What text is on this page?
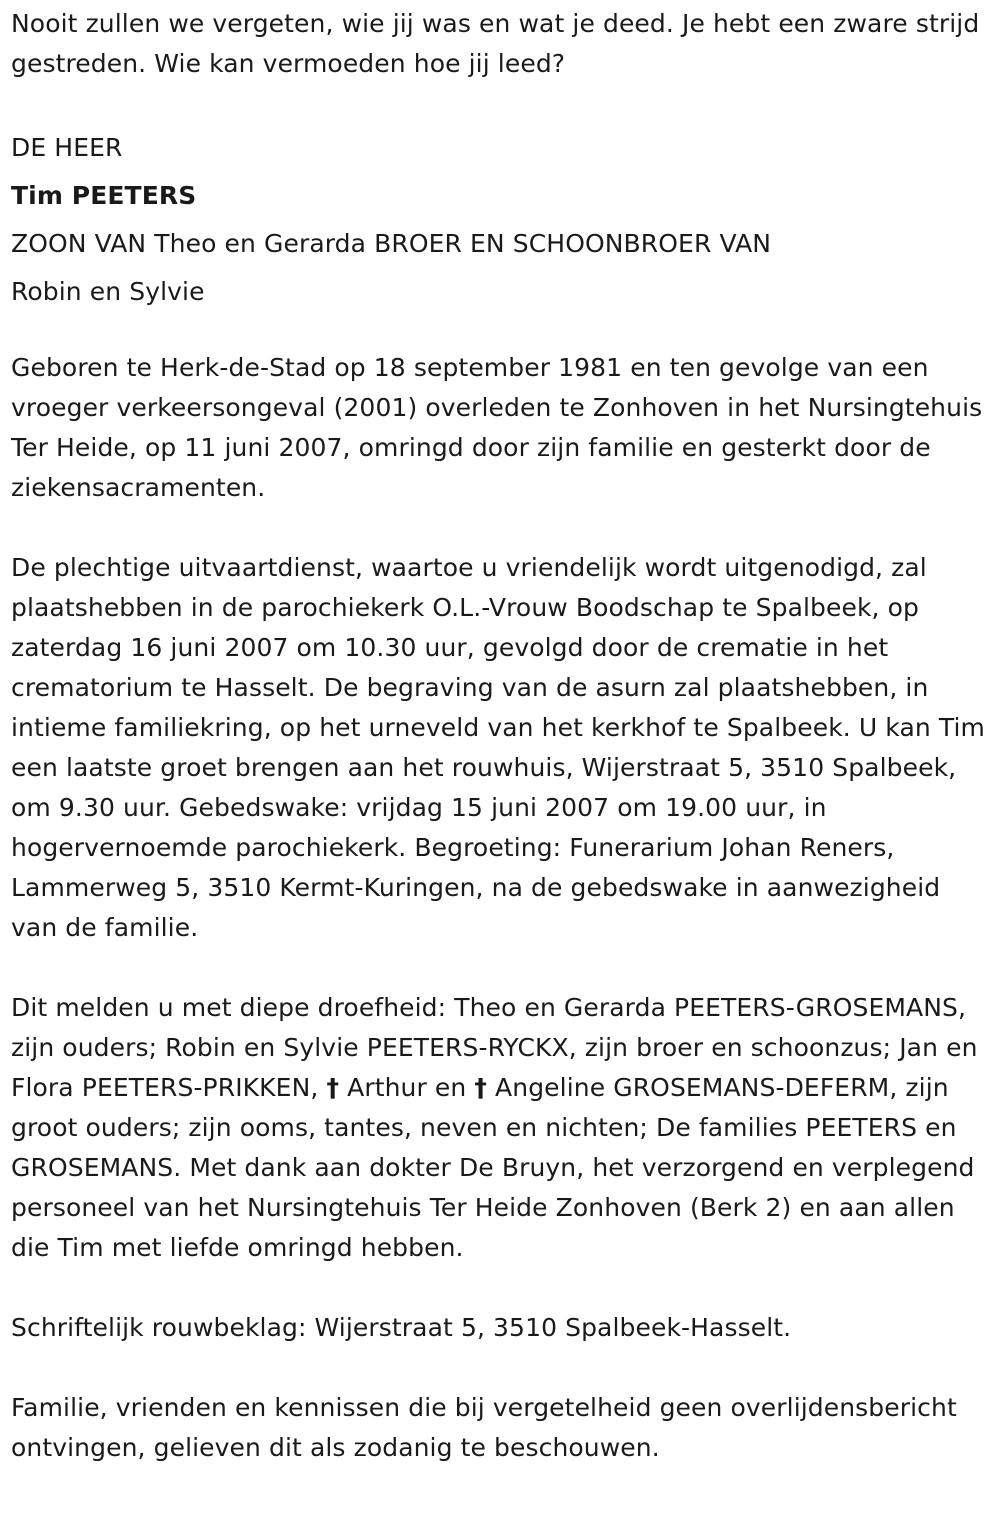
Nooit zullen we vergeten, wie jij was en wat je deed. Je hebt een zware strijd gestreden. Wie kan vermoeden hoe jij leed?

DE HEER

Tim PEETERS

ZOON VAN Theo en Gerarda BROER EN SCHOONBROER VAN

Robin en Sylvie

Geboren te Herk-de-Stad op 18 september 1981 en ten gevolge van een vroeger verkeersongeval (2001) overleden te Zonhoven in het Nursingtehuis Ter Heide, op 11 juni 2007, omringd door zijn familie en gesterkt door de ziekensacramenten.

De plechtige uitvaartdienst, waartoe u vriendelijk wordt uitgenodigd, zal plaatshebben in de parochiekerk O.L.-Vrouw Boodschap te Spalbeek, op zaterdag 16 juni 2007 om 10.30 uur, gevolgd door de crematie in het crematorium te Hasselt. De begraving van de asurn zal plaatshebben, in intieme familiekring, op het urneveld van het kerkhof te Spalbeek. U kan Tim een laatste groet brengen aan het rouwhuis, Wijerstraat 5, 3510 Spalbeek, om 9.30 uur. Gebedswake: vrijdag 15 juni 2007 om 19.00 uur, in hogervernoemde parochiekerk. Begroeting: Funerarium Johan Reners, Lammerweg 5, 3510 Kermt-Kuringen, na de gebedswake in aanwezigheid van de familie.

Dit melden u met diepe droefheid: Theo en Gerarda PEETERS-GROSEMANS, zijn ouders; Robin en Sylvie PEETERS-RYCKX, zijn broer en schoonzus; Jan en Flora PEETERS-PRIKKEN, † Arthur en † Angeline GROSEMANS-DEFERM, zijn groot ouders; zijn ooms, tantes, neven en nichten; De families PEETERS en GROSEMANS. Met dank aan dokter De Bruyn, het verzorgend en verplegend personeel van het Nursingtehuis Ter Heide Zonhoven (Berk 2) en aan allen die Tim met liefde omringd hebben.

Schriftelijk rouwbeklag: Wijerstraat 5, 3510 Spalbeek-Hasselt.

Familie, vrienden en kennissen die bij vergetelheid geen overlijdensbericht ontvingen, gelieven dit als zodanig te beschouwen.
